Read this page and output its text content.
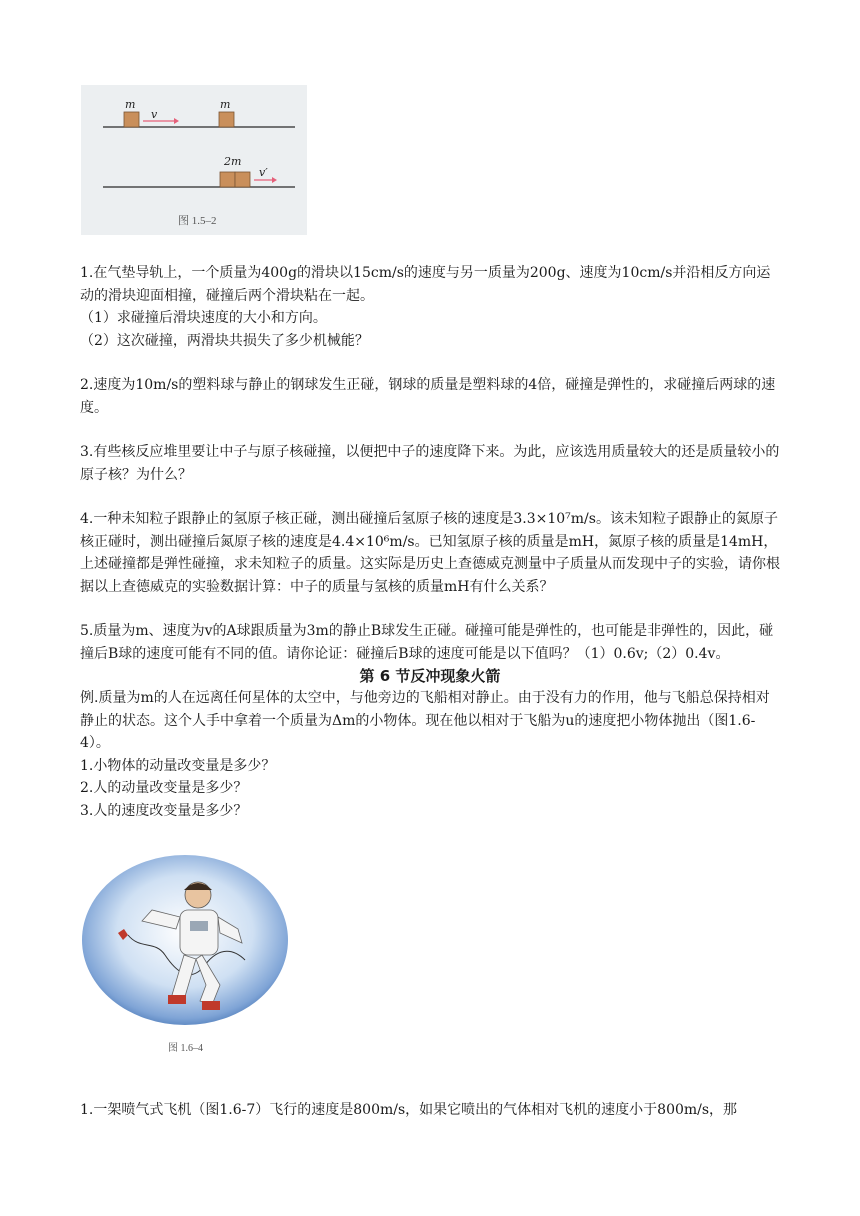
m
v
m
2m
v′
图 1.5–2

1.在气垫导轨上，一个质量为400g的滑块以15cm/s的速度与另一质量为200g、速度为10cm/s并沿相反方向运动的滑块迎面相撞，碰撞后两个滑块粘在一起。

（1）求碰撞后滑块速度的大小和方向。

（2）这次碰撞，两滑块共损失了多少机械能？

2.速度为10m/s的塑料球与静止的钢球发生正碰，钢球的质量是塑料球的4倍，碰撞是弹性的，求碰撞后两球的速度。

3.有些核反应堆里要让中子与原子核碰撞，以便把中子的速度降下来。为此，应该选用质量较大的还是质量较小的原子核？为什么？

4.一种未知粒子跟静止的氢原子核正碰，测出碰撞后氢原子核的速度是3.3×10⁷m/s。该未知粒子跟静止的氮原子核正碰时，测出碰撞后氮原子核的速度是4.4×10⁶m/s。已知氢原子核的质量是mH，氮原子核的质量是14mH，上述碰撞都是弹性碰撞，求未知粒子的质量。这实际是历史上查德威克测量中子质量从而发现中子的实验，请你根据以上查德威克的实验数据计算：中子的质量与氢核的质量mH有什么关系？

5.质量为m、速度为v的A球跟质量为3m的静止B球发生正碰。碰撞可能是弹性的，也可能是非弹性的，因此，碰撞后B球的速度可能有不同的值。请你论证：碰撞后B球的速度可能是以下值吗？（1）0.6v;（2）0.4v。

第 6 节反冲现象火箭

例.质量为m的人在远离任何星体的太空中，与他旁边的飞船相对静止。由于没有力的作用，他与飞船总保持相对静止的状态。这个人手中拿着一个质量为Δm的小物体。现在他以相对于飞船为u的速度把小物体抛出（图1.6-4）。

1.小物体的动量改变量是多少？

2.人的动量改变量是多少？

3.人的速度改变量是多少？

图 1.6–4

1.一架喷气式飞机（图1.6-7）飞行的速度是800m/s，如果它喷出的气体相对飞机的速度小于800m/s，那
